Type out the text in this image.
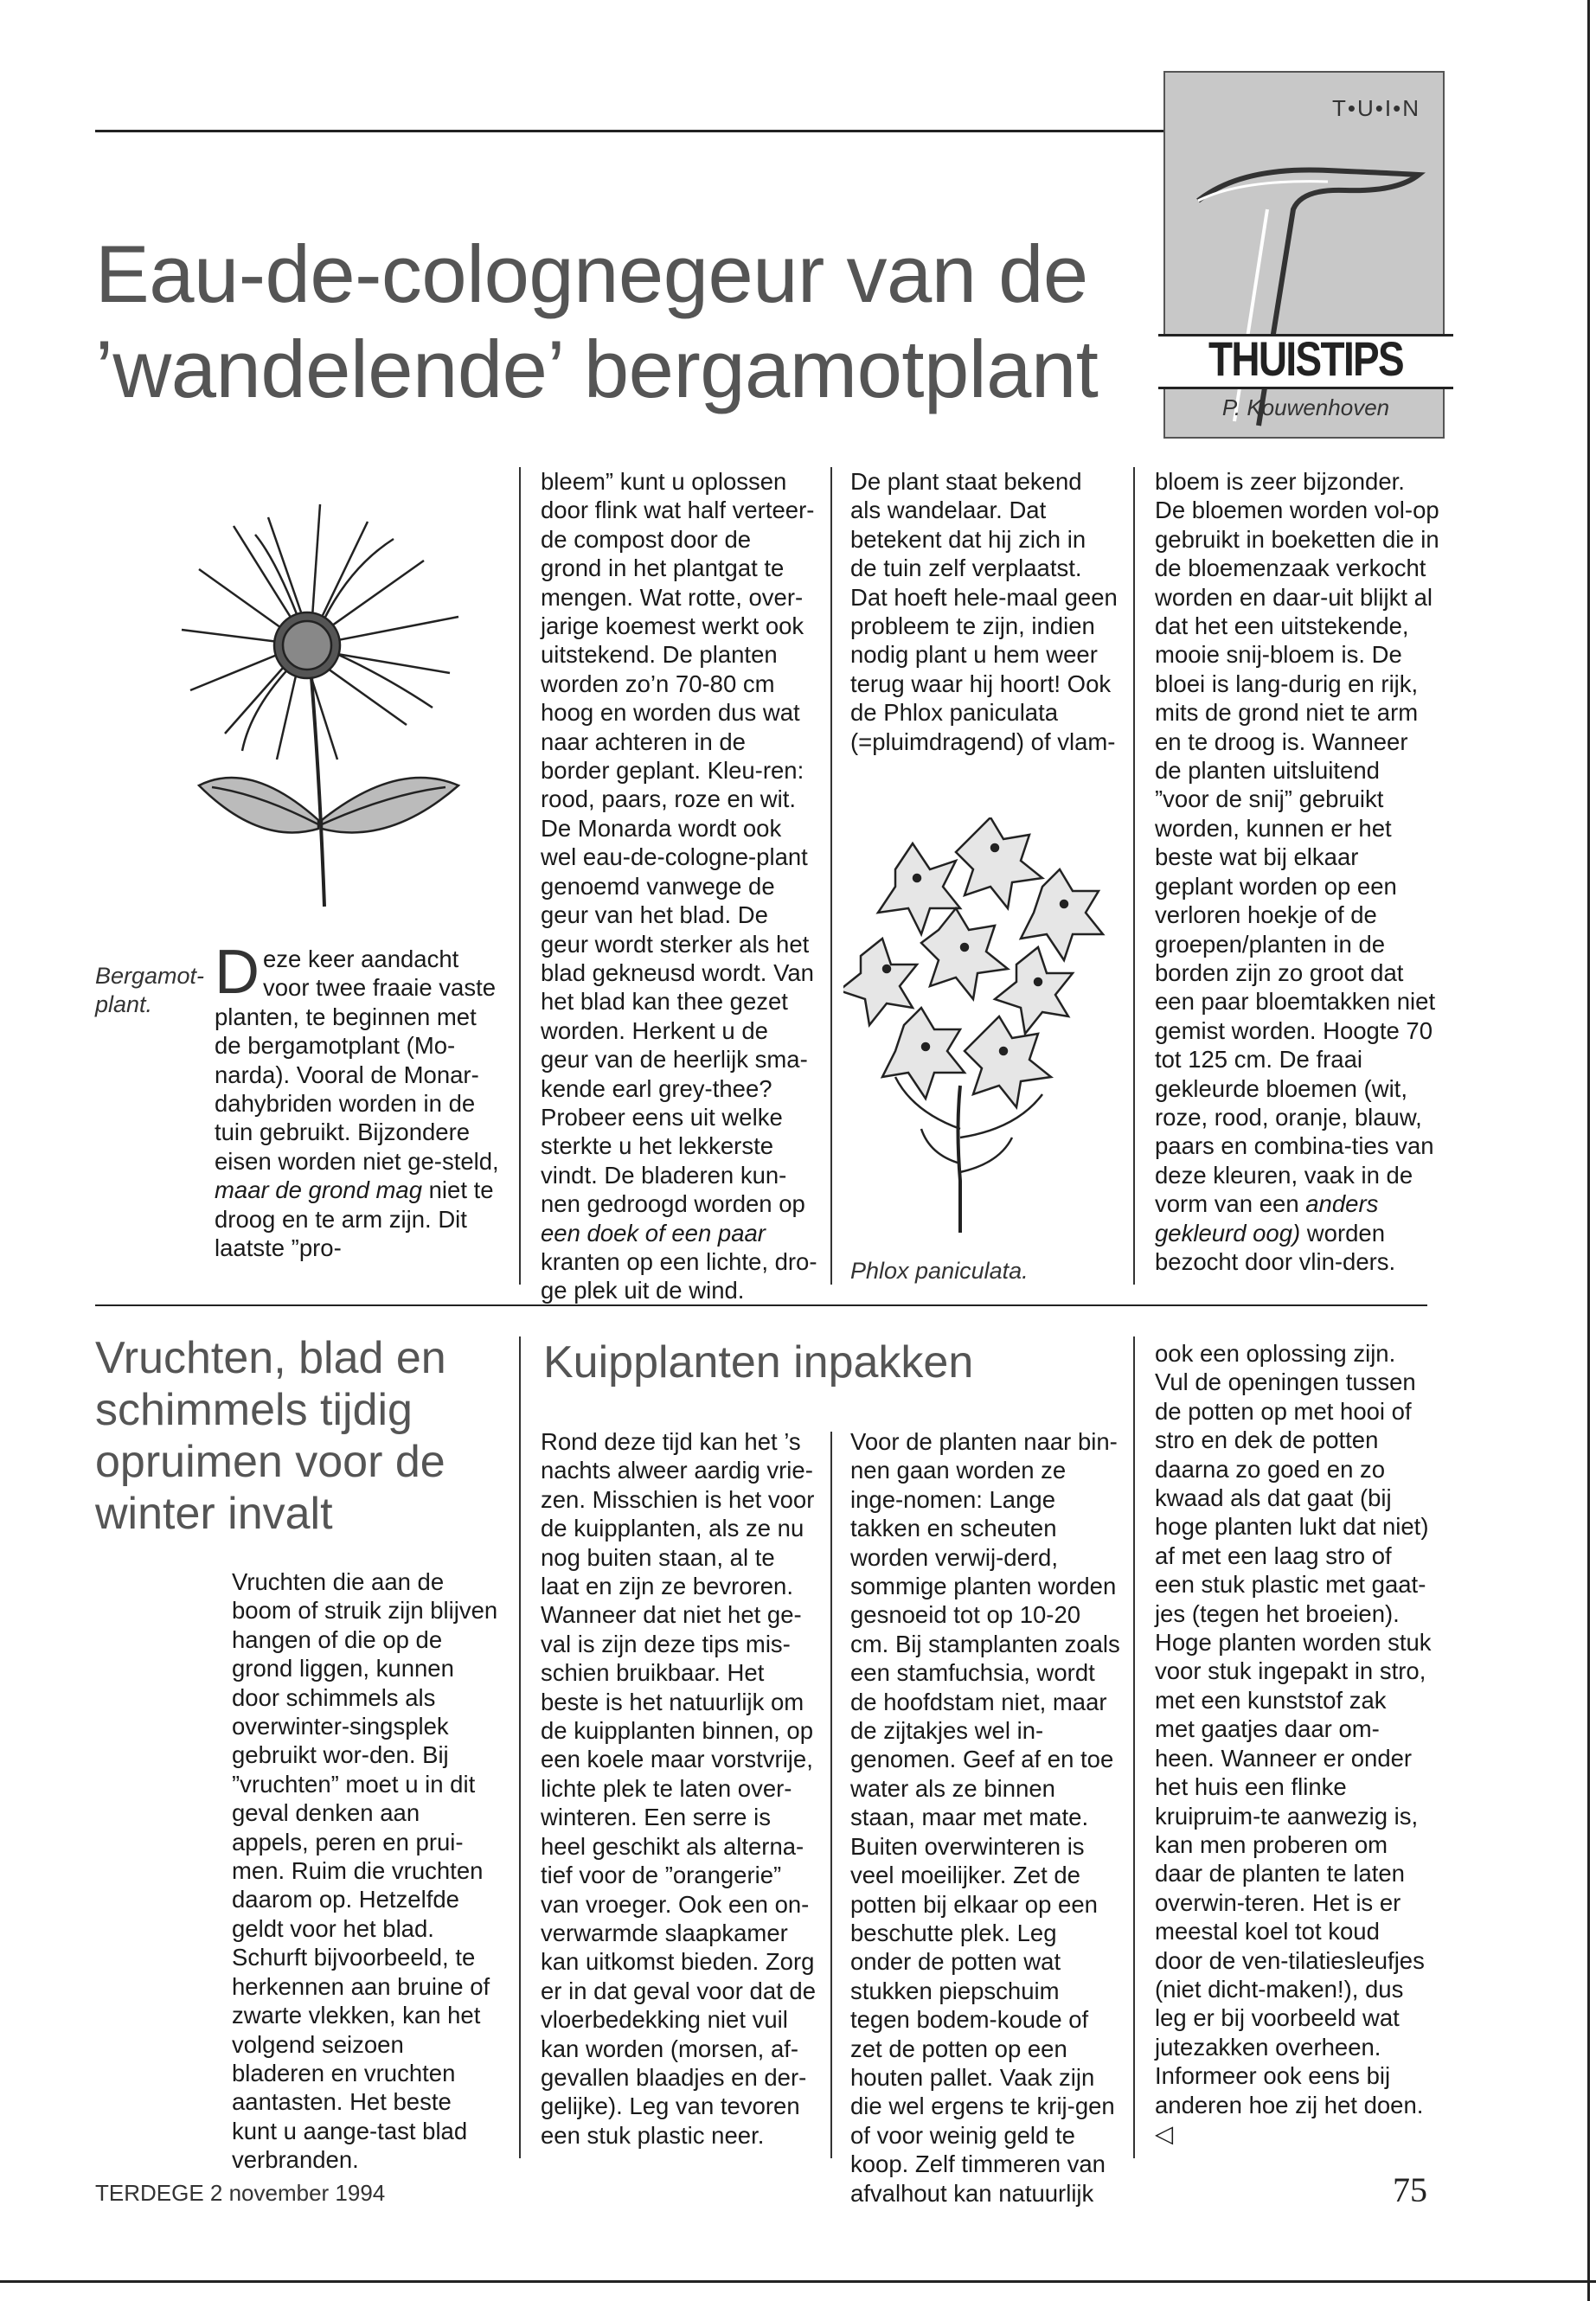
Eau-de-colognegeur van de
’wandelende’ bergamotplant
T•U•I•N
THUISTIPS
P. Kouwenhoven
Bergamot-plant. Deze keer aandacht voor twee fraaie vaste planten, te beginnen met de bergamotplant (Mo-narda). Vooral de Monar-dahybriden worden in de tuin gebruikt. Bijzondere eisen worden niet ge-steld, maar de grond mag niet te droog en te arm zijn. Dit laatste ”pro-

bleem” kunt u oplossen door flink wat half verteer-de compost door de grond in het plantgat te mengen. Wat rotte, over-jarige koemest werkt ook uitstekend. De planten worden zo’n 70-80 cm hoog en worden dus wat naar achteren in de border geplant. Kleu-ren: rood, paars, roze en wit. De Monarda wordt ook wel eau-de-cologne-plant genoemd vanwege de geur van het blad. De geur wordt sterker als het blad gekneusd wordt. Van het blad kan thee gezet worden. Herkent u de geur van de heerlijk sma-kende earl grey-thee? Probeer eens uit welke sterkte u het lekkerste vindt. De bladeren kun-nen gedroogd worden op een doek of een paar kranten op een lichte, dro-ge plek uit de wind.

De plant staat bekend als wandelaar. Dat betekent dat hij zich in de tuin zelf verplaatst. Dat hoeft hele-maal geen probleem te zijn, indien nodig plant u hem weer terug waar hij hoort! Ook de Phlox paniculata (=pluimdragend) of vlam-

Phlox paniculata.

bloem is zeer bijzonder. De bloemen worden vol-op gebruikt in boeketten die in de bloemenzaak verkocht worden en daar-uit blijkt al dat het een uitstekende, mooie snij-bloem is. De bloei is lang-durig en rijk, mits de grond niet te arm en te droog is. Wanneer de planten uitsluitend ”voor de snij” gebruikt worden, kunnen er het beste wat bij elkaar geplant worden op een verloren hoekje of de groepen/planten in de borden zijn zo groot dat een paar bloemtakken niet gemist worden. Hoogte 70 tot 125 cm. De fraai gekleurde bloemen (wit, roze, rood, oranje, blauw, paars en combina-ties van deze kleuren, vaak in de vorm van een anders gekleurd oog) worden bezocht door vlin-ders.

Vruchten, blad en schimmels tijdig opruimen voor de winter invalt

Vruchten die aan de boom of struik zijn blijven hangen of die op de grond liggen, kunnen door schimmels als overwinter-singsplek gebruikt wor-den. Bij ”vruchten” moet u in dit geval denken aan appels, peren en prui-men. Ruim die vruchten daarom op. Hetzelfde geldt voor het blad. Schurft bijvoorbeeld, te herkennen aan bruine of zwarte vlekken, kan het volgend seizoen bladeren en vruchten aantasten. Het beste kunt u aange-tast blad verbranden.

Kuipplanten inpakken

Rond deze tijd kan het ’s nachts alweer aardig vrie-zen. Misschien is het voor de kuipplanten, als ze nu nog buiten staan, al te laat en zijn ze bevroren. Wanneer dat niet het ge-val is zijn deze tips mis-schien bruikbaar. Het beste is het natuurlijk om de kuipplanten binnen, op een koele maar vorstvrije, lichte plek te laten over-winteren. Een serre is heel geschikt als alterna-tief voor de ”orangerie” van vroeger. Ook een on-verwarmde slaapkamer kan uitkomst bieden. Zorg er in dat geval voor dat de vloerbedekking niet vuil kan worden (morsen, af-gevallen blaadjes en der-gelijke). Leg van tevoren een stuk plastic neer.

Voor de planten naar bin-nen gaan worden ze inge-nomen: Lange takken en scheuten worden verwij-derd, sommige planten worden gesnoeid tot op 10-20 cm. Bij stamplanten zoals een stamfuchsia, wordt de hoofdstam niet, maar de zijtakjes wel in-genomen. Geef af en toe water als ze binnen staan, maar met mate. Buiten overwinteren is veel moeilijker. Zet de potten bij elkaar op een beschutte plek. Leg onder de potten wat stukken piepschuim tegen bodem-koude of zet de potten op een houten pallet. Vaak zijn die wel ergens te krij-gen of voor weinig geld te koop. Zelf timmeren van afvalhout kan natuurlijk

ook een oplossing zijn. Vul de openingen tussen de potten op met hooi of stro en dek de potten daarna zo goed en zo kwaad als dat gaat (bij hoge planten lukt dat niet) af met een laag stro of een stuk plastic met gaat-jes (tegen het broeien). Hoge planten worden stuk voor stuk ingepakt in stro, met een kunststof zak met gaatjes daar om-heen. Wanneer er onder het huis een flinke kruipruim-te aanwezig is, kan men proberen om daar de planten te laten overwin-teren. Het is er meestal koel tot koud door de ven-tilatiesleufjes (niet dicht-maken!), dus leg er bij voorbeeld wat jutezakken overheen. Informeer ook eens bij anderen hoe zij het doen. ◁

TERDEGE 2 november 1994	75
